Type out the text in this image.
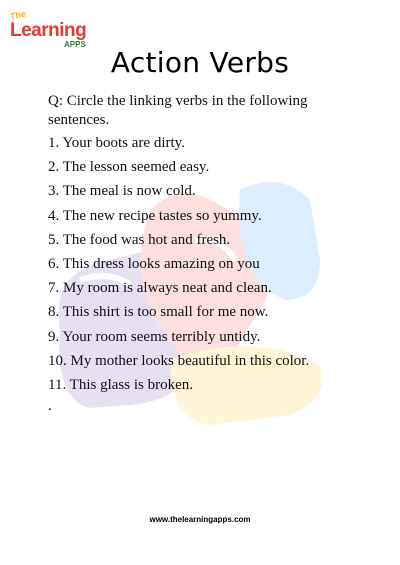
The
Learning
APPS
Action Verbs
Q: Circle the linking verbs in the following sentences.
1. Your boots are dirty.
2. The lesson seemed easy.
3. The meal is now cold.
4. The new recipe tastes so yummy.
5. The food was hot and fresh.
6. This dress looks amazing on you
7. My room is always neat and clean.
8. This shirt is too small for me now.
9. Your room seems terribly untidy.
10. My mother looks beautiful in this color.
11. This glass is broken.
.
www.thelearningapps.com
